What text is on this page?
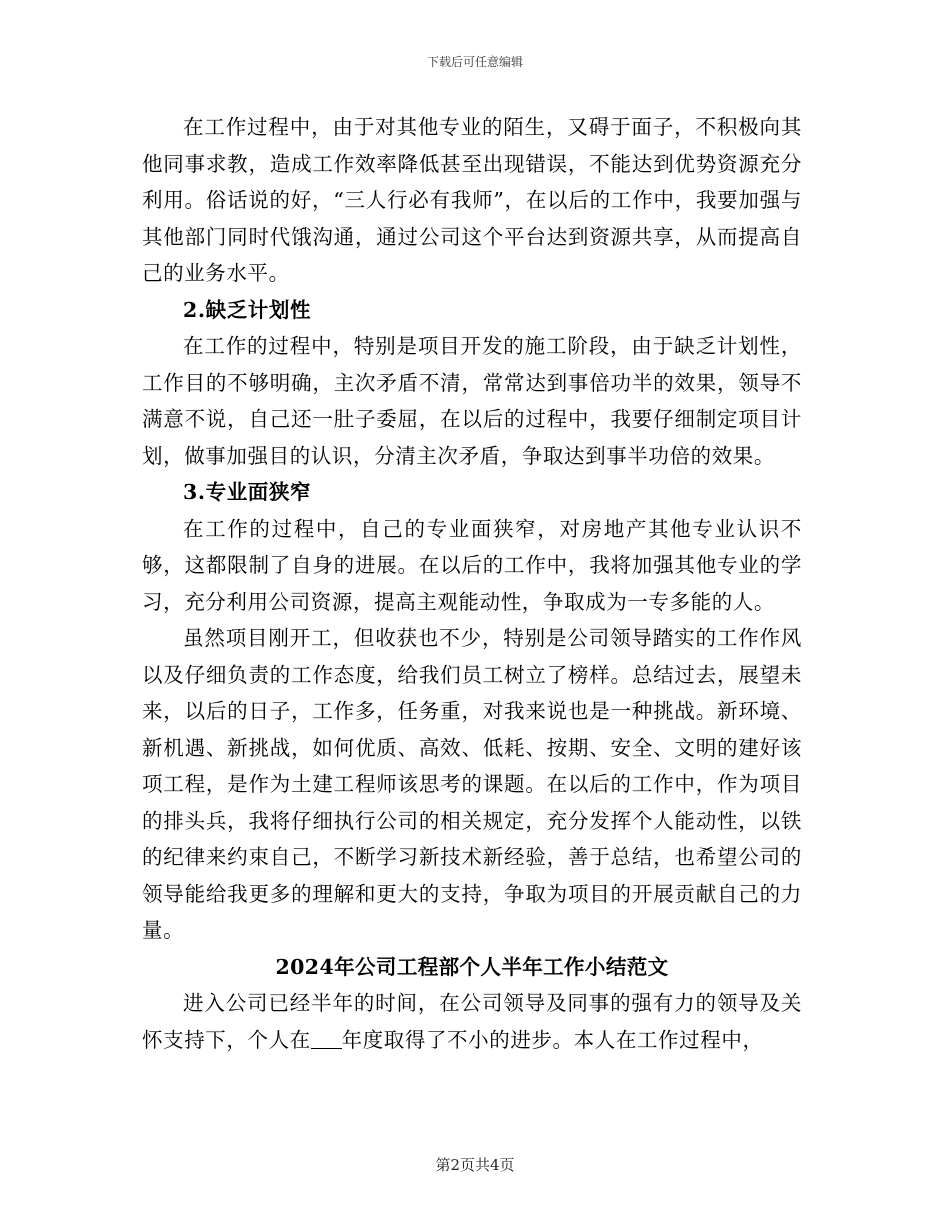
下载后可任意编辑

在工作过程中，由于对其他专业的陌生，又碍于面子，不积极向其他同事求教，造成工作效率降低甚至出现错误，不能达到优势资源充分利用。俗话说的好，“三人行必有我师”，在以后的工作中，我要加强与其他部门同时代饿沟通，通过公司这个平台达到资源共享，从而提高自己的业务水平。

2.缺乏计划性

在工作的过程中，特别是项目开发的施工阶段，由于缺乏计划性，工作目的不够明确，主次矛盾不清，常常达到事倍功半的效果，领导不满意不说，自己还一肚子委屈，在以后的过程中，我要仔细制定项目计划，做事加强目的认识，分清主次矛盾，争取达到事半功倍的效果。

3.专业面狭窄

在工作的过程中，自己的专业面狭窄，对房地产其他专业认识不够，这都限制了自身的进展。在以后的工作中，我将加强其他专业的学习，充分利用公司资源，提高主观能动性，争取成为一专多能的人。

虽然项目刚开工，但收获也不少，特别是公司领导踏实的工作作风以及仔细负责的工作态度，给我们员工树立了榜样。总结过去，展望未来，以后的日子，工作多，任务重，对我来说也是一种挑战。新环境、新机遇、新挑战，如何优质、高效、低耗、按期、安全、文明的建好该项工程，是作为土建工程师该思考的课题。在以后的工作中，作为项目的排头兵，我将仔细执行公司的相关规定，充分发挥个人能动性，以铁的纪律来约束自己，不断学习新技术新经验，善于总结，也希望公司的领导能给我更多的理解和更大的支持，争取为项目的开展贡献自己的力量。

2024年公司工程部个人半年工作小结范文

进入公司已经半年的时间，在公司领导及同事的强有力的领导及关怀支持下，个人在 年度取得了不小的进步。本人在工作过程中，

第2页共4页
